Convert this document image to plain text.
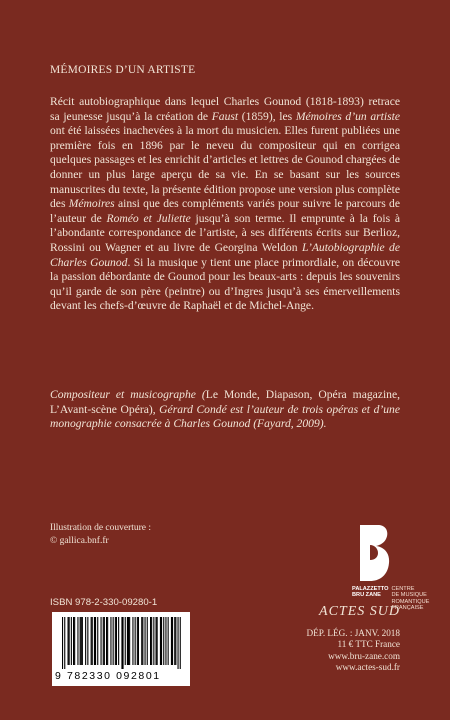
MÉMOIRES D’UN ARTISTE

Récit autobiographique dans lequel Charles Gounod (1818-1893) retrace sa jeunesse jusqu’à la création de Faust (1859), les Mémoires d’un artiste ont été laissées inachevées à la mort du musicien. Elles furent publiées une première fois en 1896 par le neveu du compositeur qui en corrigea quelques passages et les enrichit d’articles et lettres de Gounod chargées de donner un plus large aperçu de sa vie. En se basant sur les sources manuscrites du texte, la présente édition propose une version plus complète des Mémoires ainsi que des compléments variés pour suivre le parcours de l’auteur de Roméo et Juliette jusqu’à son terme. Il emprunte à la fois à l’abondante correspondance de l’artiste, à ses différents écrits sur Berlioz, Rossini ou Wagner et au livre de Georgina Weldon L’Autobiographie de Charles Gounod. Si la musique y tient une place primordiale, on découvre la passion débordante de Gounod pour les beaux-arts : depuis les souvenirs qu’il garde de son père (peintre) ou d’Ingres jusqu’à ses émerveillements devant les chefs-d’œuvre de Raphaël et de Michel-Ange.

Compositeur et musicographe (Le Monde, Diapason, Opéra magazine, L’Avant-scène Opéra), Gérard Condé est l’auteur de trois opéras et d’une monographie consacrée à Charles Gounod (Fayard, 2009).

Illustration de couverture :
© gallica.bnf.fr
PALAZZETTO
BRU ZANE
CENTRE
DE MUSIQUE
ROMANTIQUE
FRANÇAISE
ISBN 978-2-330-09280-1
9 782330 092801
ACTES SUD
DÉP. LÉG. : JANV. 2018
11 € TTC France
www.bru-zane.com
www.actes-sud.fr
